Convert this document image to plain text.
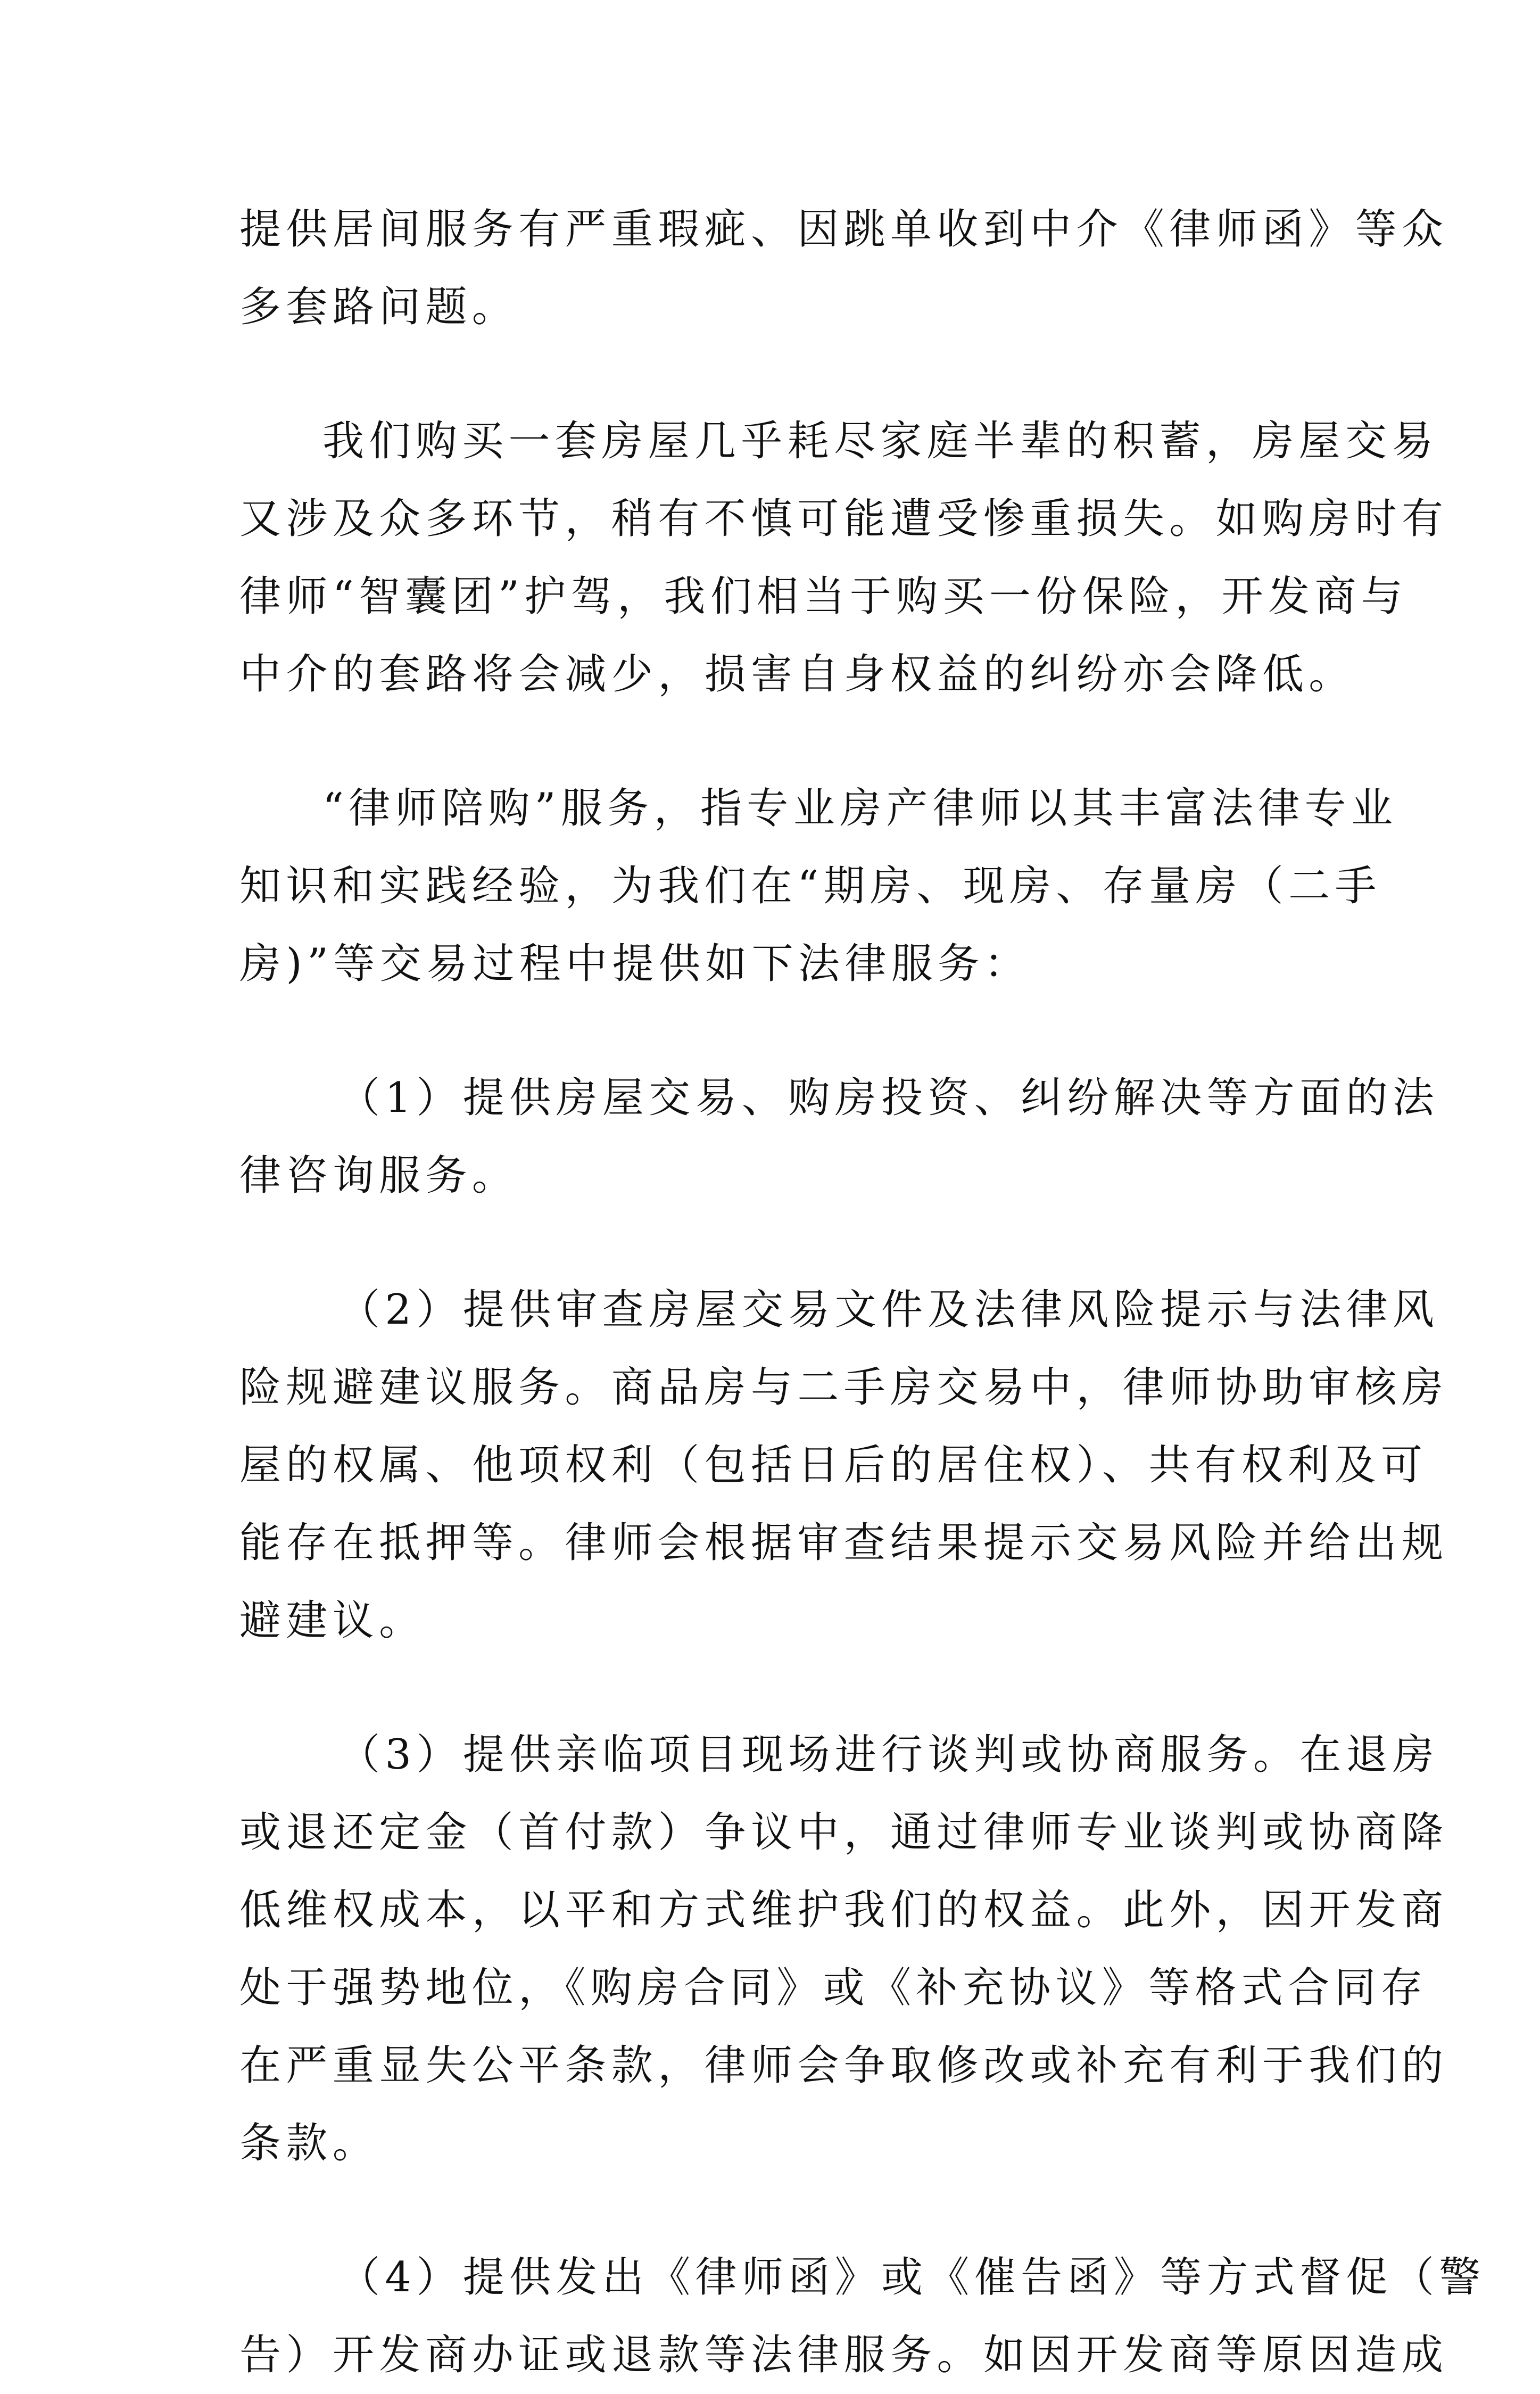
提供居间服务有严重瑕疵、因跳单收到中介《律师函》等众
多套路问题。
我们购买一套房屋几乎耗尽家庭半辈的积蓄，房屋交易
又涉及众多环节，稍有不慎可能遭受惨重损失。如购房时有
律师“智囊团”护驾，我们相当于购买一份保险，开发商与
中介的套路将会减少，损害自身权益的纠纷亦会降低。
“律师陪购”服务，指专业房产律师以其丰富法律专业
知识和实践经验，为我们在“期房、现房、存量房（二手
房)”等交易过程中提供如下法律服务：
（1）提供房屋交易、购房投资、纠纷解决等方面的法
律咨询服务。
（2）提供审查房屋交易文件及法律风险提示与法律风
险规避建议服务。商品房与二手房交易中，律师协助审核房
屋的权属、他项权利（包括日后的居住权）、共有权利及可
能存在抵押等。律师会根据审查结果提示交易风险并给出规
避建议。
（3）提供亲临项目现场进行谈判或协商服务。在退房
或退还定金（首付款）争议中，通过律师专业谈判或协商降
低维权成本，以平和方式维护我们的权益。此外，因开发商
处于强势地位，《购房合同》或《补充协议》等格式合同存
在严重显失公平条款，律师会争取修改或补充有利于我们的
条款。
（4）提供发出《律师函》或《催告函》等方式督促（警
告）开发商办证或退款等法律服务。如因开发商等原因造成
